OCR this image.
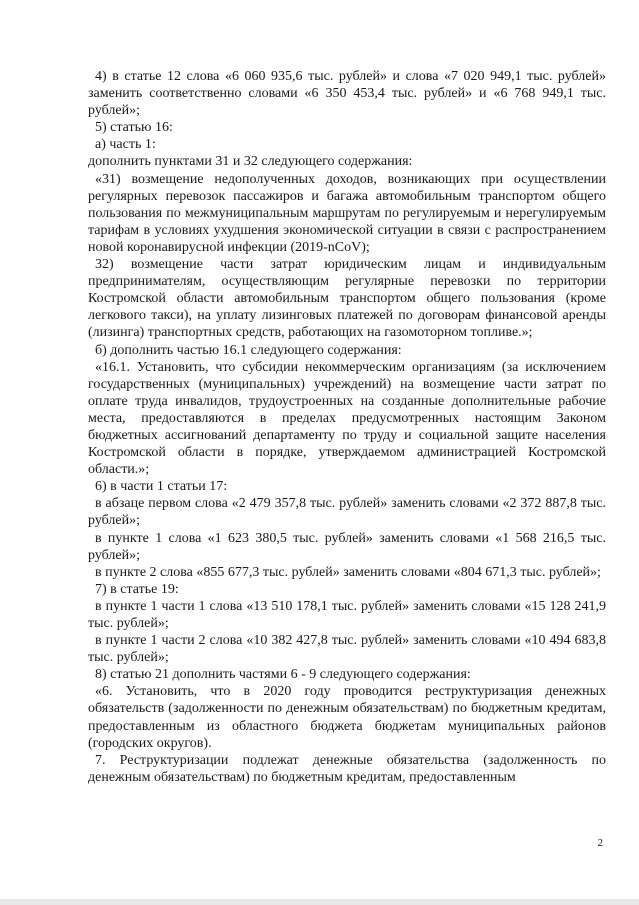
4) в статье 12 слова «6 060 935,6 тыс. рублей» и слова «7 020 949,1 тыс. рублей» заменить соответственно словами «6 350 453,4 тыс. рублей» и «6 768 949,1 тыс. рублей»;

5) статью 16:

а) часть 1:

дополнить пунктами 31 и 32 следующего содержания:

«31) возмещение недополученных доходов, возникающих при осуществлении регулярных перевозок пассажиров и багажа автомобильным транспортом общего пользования по межмуниципальным маршрутам по регулируемым и нерегулируемым тарифам в условиях ухудшения экономической ситуации в связи с распространением новой коронавирусной инфекции (2019-nCoV);

32) возмещение части затрат юридическим лицам и индивидуальным предпринимателям, осуществляющим регулярные перевозки по территории Костромской области автомобильным транспортом общего пользования (кроме легкового такси), на уплату лизинговых платежей по договорам финансовой аренды (лизинга) транспортных средств, работающих на газомоторном топливе.»;

б) дополнить частью 16.1 следующего содержания:

«16.1. Установить, что субсидии некоммерческим организациям (за исключением государственных (муниципальных) учреждений) на возмещение части затрат по оплате труда инвалидов, трудоустроенных на созданные дополнительные рабочие места, предоставляются в пределах предусмотренных настоящим Законом бюджетных ассигнований департаменту по труду и социальной защите населения Костромской области в порядке, утверждаемом администрацией Костромской области.»;

6) в части 1 статьи 17:

в абзаце первом слова «2 479 357,8 тыс. рублей» заменить словами «2 372 887,8 тыс. рублей»;

в пункте 1 слова «1 623 380,5 тыс. рублей» заменить словами «1 568 216,5 тыс. рублей»;

в пункте 2 слова «855 677,3 тыс. рублей» заменить словами «804 671,3 тыс. рублей»;

7) в статье 19:

в пункте 1 части 1 слова «13 510 178,1 тыс. рублей» заменить словами «15 128 241,9 тыс. рублей»;

в пункте 1 части 2 слова «10 382 427,8 тыс. рублей» заменить словами «10 494 683,8 тыс. рублей»;

8) статью 21 дополнить частями 6 - 9 следующего содержания:

«6. Установить, что в 2020 году проводится реструктуризация денежных обязательств (задолженности по денежным обязательствам) по бюджетным кредитам, предоставленным из областного бюджета бюджетам муниципальных районов (городских округов).

7. Реструктуризации подлежат денежные обязательства (задолженность по денежным обязательствам) по бюджетным кредитам, предоставленным

2
